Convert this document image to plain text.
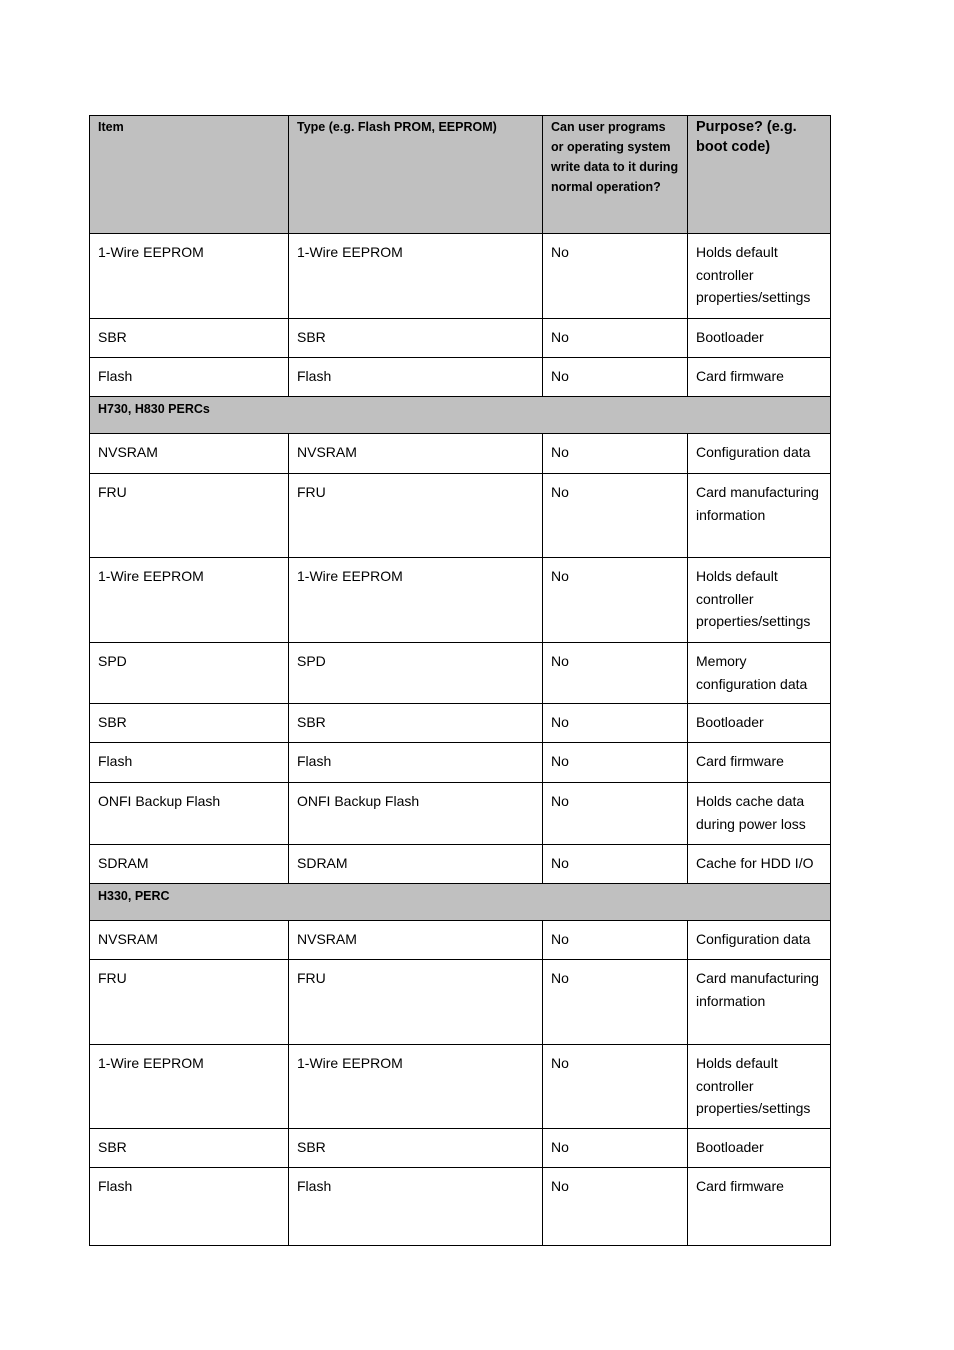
Item	Type (e.g. Flash PROM, EEPROM)	Can user programs or operating system write data to it during normal operation?	Purpose? (e.g. boot code)
1-Wire EEPROM	1-Wire EEPROM	No	Holds default controller properties/settings
SBR	SBR	No	Bootloader
Flash	Flash	No	Card firmware
H730, H830 PERCs			
NVSRAM	NVSRAM	No	Configuration data
FRU	FRU	No	Card manufacturing information
1-Wire EEPROM	1-Wire EEPROM	No	Holds default controller properties/settings
SPD	SPD	No	Memory configuration data
SBR	SBR	No	Bootloader
Flash	Flash	No	Card firmware
ONFI Backup Flash	ONFI Backup Flash	No	Holds cache data during power loss
SDRAM	SDRAM	No	Cache for HDD I/O
H330, PERC			
NVSRAM	NVSRAM	No	Configuration data
FRU	FRU	No	Card manufacturing information
1-Wire EEPROM	1-Wire EEPROM	No	Holds default controller properties/settings
SBR	SBR	No	Bootloader
Flash	Flash	No	Card firmware
